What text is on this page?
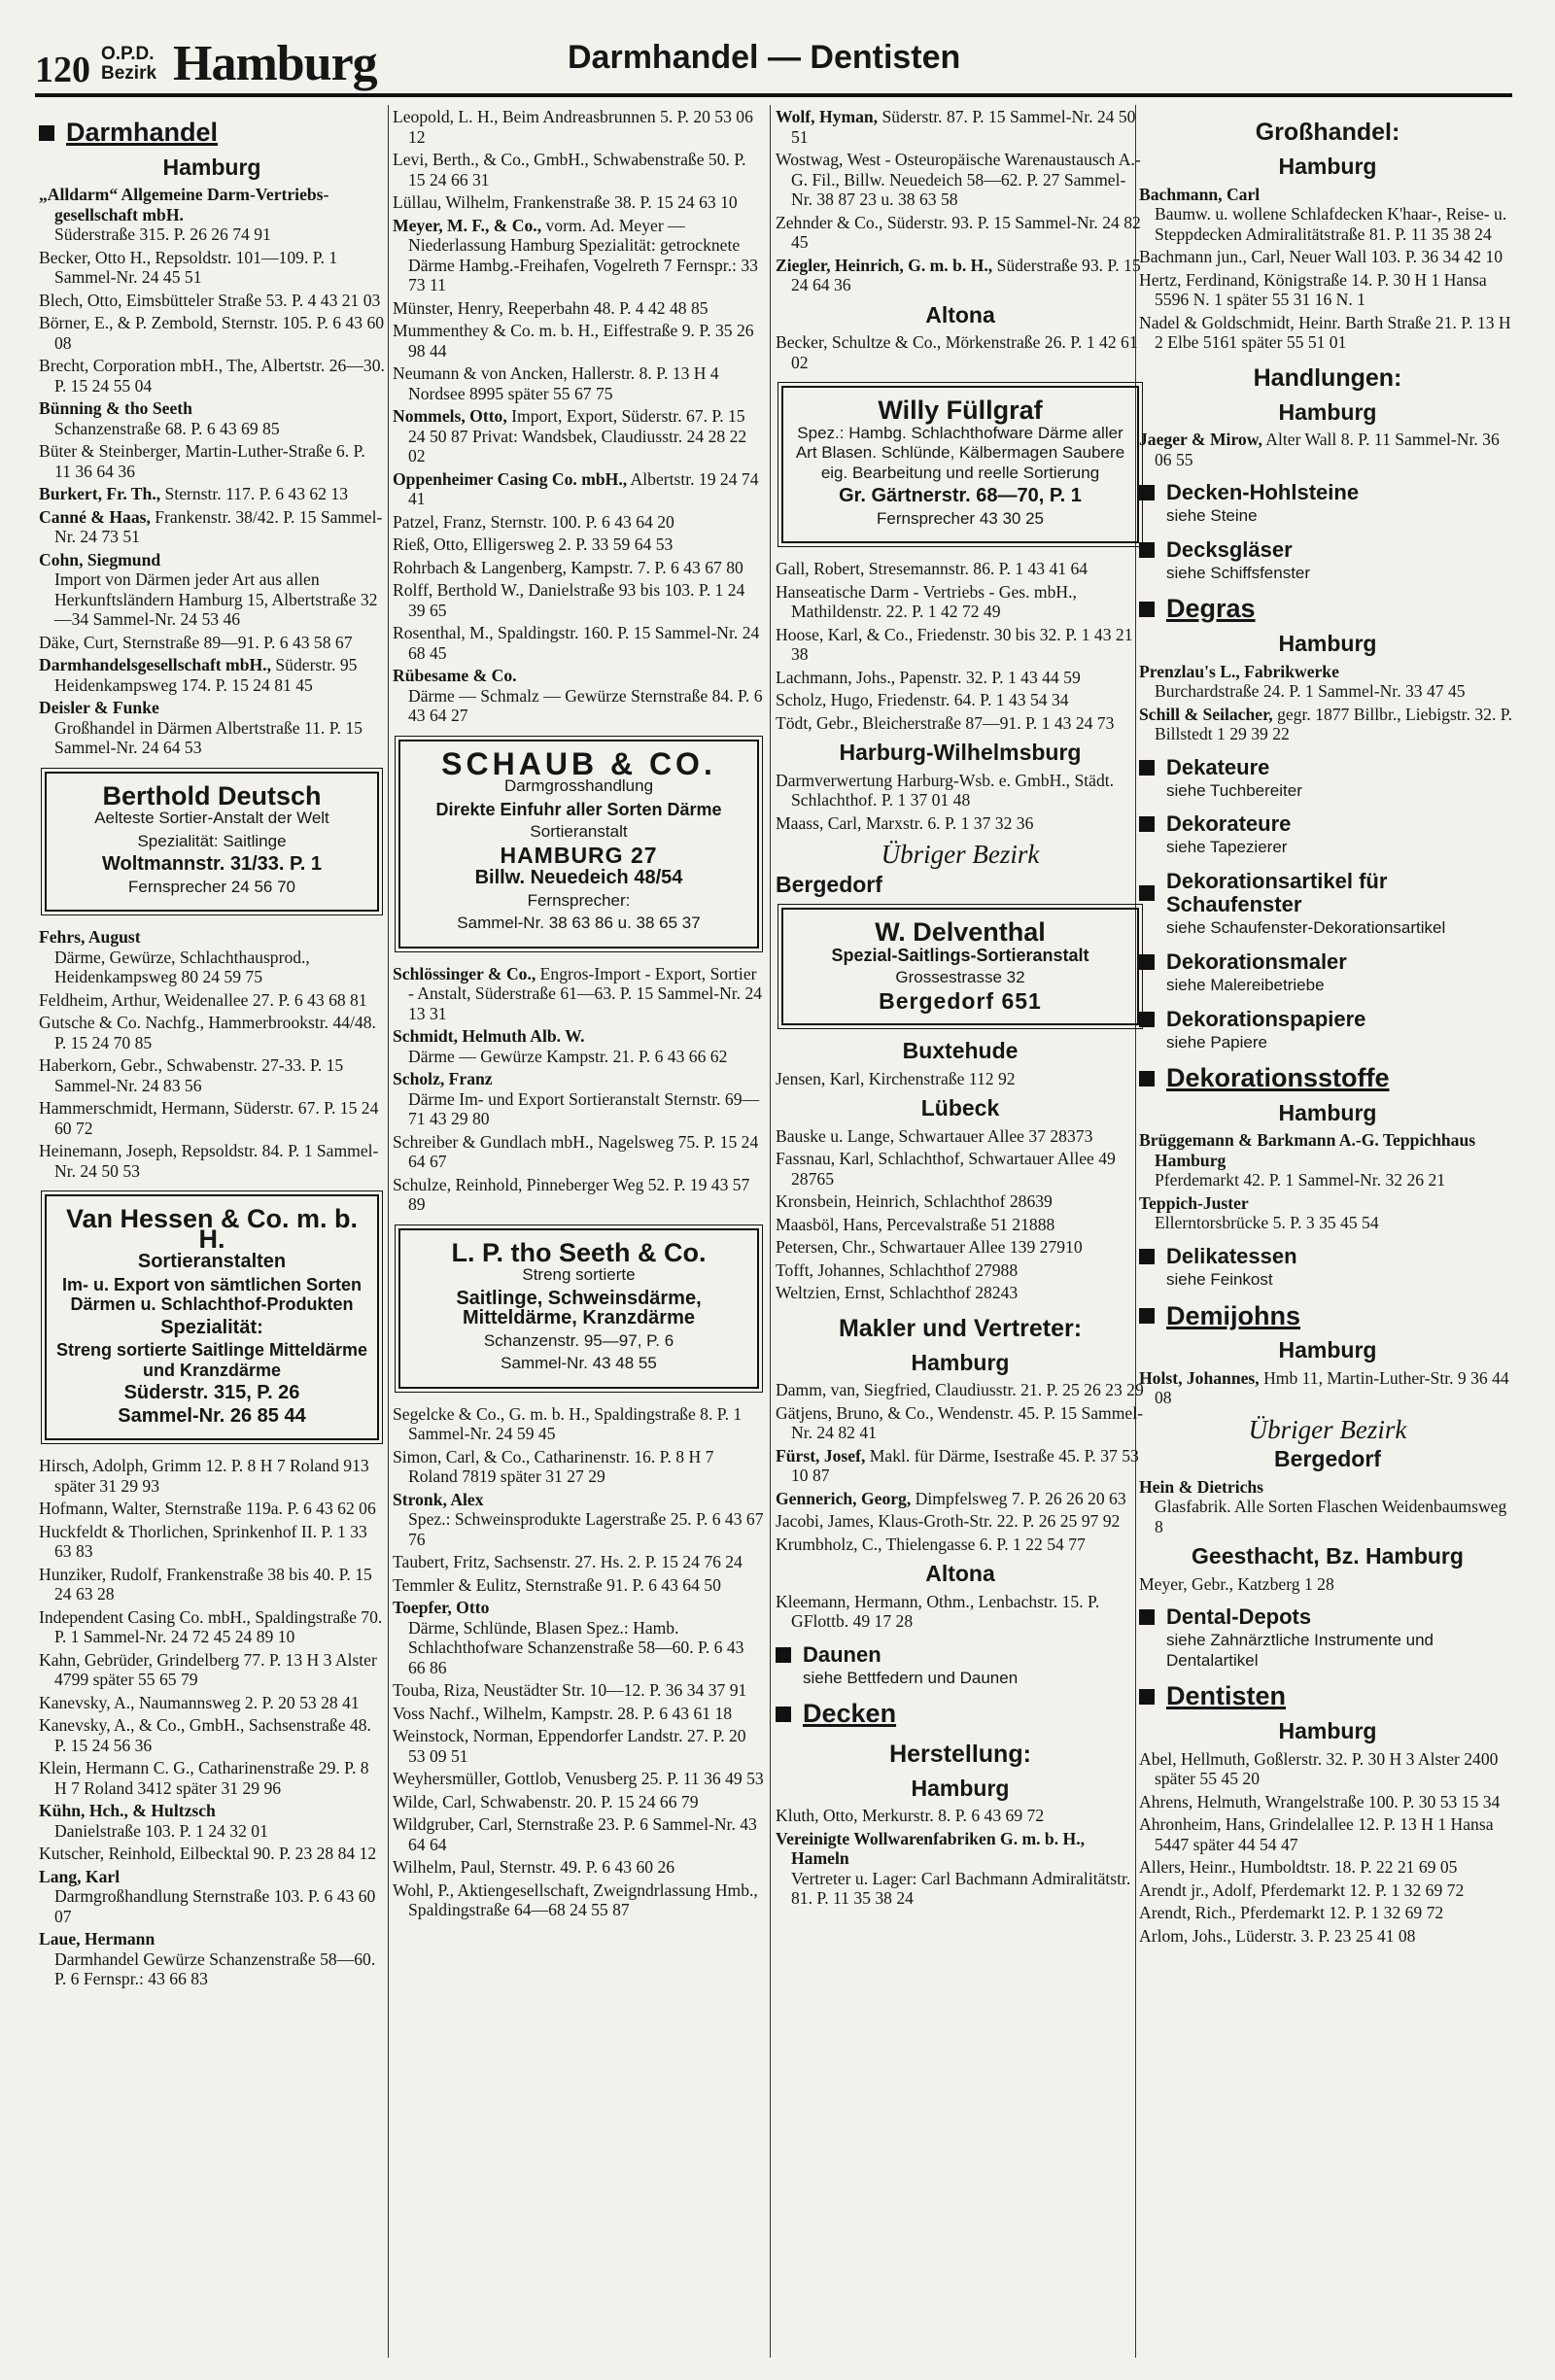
120 O.P.D.
Bezirk Hamburg	Darmhandel — Dentisten
Darmhandel
Hamburg
„Alldarm“ Allgemeine Darm-Vertriebs-gesellschaft mbH.
Süderstraße 315. P. 26 26 74 91
Becker, Otto H., Repsoldstr. 101—109. P. 1 Sammel-Nr. 24 45 51
Blech, Otto, Eimsbütteler Straße 53. P. 4 43 21 03
Börner, E., & P. Zembold, Sternstr. 105. P. 6 43 60 08
Brecht, Corporation mbH., The, Albertstr. 26—30. P. 15 24 55 04
Bünning & tho Seeth
Schanzenstraße 68. P. 6 43 69 85
Büter & Steinberger, Martin-Luther-Straße 6. P. 11 36 64 36
Burkert, Fr. Th., Sternstr. 117. P. 6 43 62 13
Canné & Haas, Frankenstr. 38/42. P. 15 Sammel-Nr. 24 73 51
Cohn, Siegmund
Import von Därmen jeder Art aus allen Herkunftsländern Hamburg 15, Albertstraße 32—34 Sammel-Nr. 24 53 46
Däke, Curt, Sternstraße 89—91. P. 6 43 58 67
Darmhandelsgesellschaft mbH., Süderstr. 95 Heidenkampsweg 174. P. 15 24 81 45
Deisler & Funke
Großhandel in Därmen Albertstraße 11. P. 15 Sammel-Nr. 24 64 53
Berthold Deutsch
Aelteste Sortier-Anstalt der Welt
Spezialität: Saitlinge
Woltmannstr. 31/33. P. 1
Fernsprecher 24 56 70
Fehrs, August
Därme, Gewürze, Schlachthausprod., Heidenkampsweg 80 24 59 75
Feldheim, Arthur, Weidenallee 27. P. 6 43 68 81
Gutsche & Co. Nachfg., Hammerbrookstr. 44/48. P. 15 24 70 85
Haberkorn, Gebr., Schwabenstr. 27-33. P. 15 Sammel-Nr. 24 83 56
Hammerschmidt, Hermann, Süderstr. 67. P. 15 24 60 72
Heinemann, Joseph, Repsoldstr. 84. P. 1 Sammel-Nr. 24 50 53
Van Hessen & Co. m. b. H.
Sortieranstalten
Im- u. Export von sämtlichen Sorten Därmen u. Schlachthof-Produkten
Spezialität:
Streng sortierte Saitlinge Mitteldärme und Kranzdärme
Süderstr. 315, P. 26
Sammel-Nr. 26 85 44
Hirsch, Adolph, Grimm 12. P. 8 H 7 Roland 913 später 31 29 93
Hofmann, Walter, Sternstraße 119a. P. 6 43 62 06
Huckfeldt & Thorlichen, Sprinkenhof II. P. 1 33 63 83
Hunziker, Rudolf, Frankenstraße 38 bis 40. P. 15 24 63 28
Independent Casing Co. mbH., Spaldingstraße 70. P. 1 Sammel-Nr. 24 72 45 24 89 10
Kahn, Gebrüder, Grindelberg 77. P. 13 H 3 Alster 4799 später 55 65 79
Kanevsky, A., Naumannsweg 2. P. 20 53 28 41
Kanevsky, A., & Co., GmbH., Sachsenstraße 48. P. 15 24 56 36
Klein, Hermann C. G., Catharinenstraße 29. P. 8 H 7 Roland 3412 später 31 29 96
Kühn, Hch., & Hultzsch
Danielstraße 103. P. 1 24 32 01
Kutscher, Reinhold, Eilbecktal 90. P. 23 28 84 12
Lang, Karl
Darmgroßhandlung Sternstraße 103. P. 6 43 60 07
Laue, Hermann
Darmhandel Gewürze Schanzenstraße 58—60. P. 6 Fernspr.: 43 66 83
Leopold, L. H., Beim Andreasbrunnen 5. P. 20 53 06 12
Levi, Berth., & Co., GmbH., Schwabenstraße 50. P. 15 24 66 31
Lüllau, Wilhelm, Frankenstraße 38. P. 15 24 63 10
Meyer, M. F., & Co., vorm. Ad. Meyer — Niederlassung Hamburg Spezialität: getrocknete Därme Hambg.-Freihafen, Vogelreth 7 Fernspr.: 33 73 11
Münster, Henry, Reeperbahn 48. P. 4 42 48 85
Mummenthey & Co. m. b. H., Eiffestraße 9. P. 35 26 98 44
Neumann & von Ancken, Hallerstr. 8. P. 13 H 4 Nordsee 8995 später 55 67 75
Nommels, Otto, Import, Export, Süderstr. 67. P. 15 24 50 87 Privat: Wandsbek, Claudiusstr. 24 28 22 02
Oppenheimer Casing Co. mbH., Albertstr. 19 24 74 41
Patzel, Franz, Sternstr. 100. P. 6 43 64 20
Rieß, Otto, Elligersweg 2. P. 33 59 64 53
Rohrbach & Langenberg, Kampstr. 7. P. 6 43 67 80
Rolff, Berthold W., Danielstraße 93 bis 103. P. 1 24 39 65
Rosenthal, M., Spaldingstr. 160. P. 15 Sammel-Nr. 24 68 45
Rübesame & Co.
Därme — Schmalz — Gewürze Sternstraße 84. P. 6 43 64 27
SCHAUB & CO.
Darmgrosshandlung
Direkte Einfuhr aller Sorten Därme
Sortieranstalt
HAMBURG 27
Billw. Neuedeich 48/54
Fernsprecher:
Sammel-Nr. 38 63 86 u. 38 65 37
Schlössinger & Co., Engros-Import - Export, Sortier - Anstalt, Süderstraße 61—63. P. 15 Sammel-Nr. 24 13 31
Schmidt, Helmuth Alb. W.
Därme — Gewürze Kampstr. 21. P. 6 43 66 62
Scholz, Franz
Därme Im- und Export Sortieranstalt Sternstr. 69—71 43 29 80
Schreiber & Gundlach mbH., Nagelsweg 75. P. 15 24 64 67
Schulze, Reinhold, Pinneberger Weg 52. P. 19 43 57 89
L. P. tho Seeth & Co.
Streng sortierte
Saitlinge, Schweinsdärme, Mitteldärme, Kranzdärme
Schanzenstr. 95—97, P. 6
Sammel-Nr. 43 48 55
Segelcke & Co., G. m. b. H., Spaldingstraße 8. P. 1 Sammel-Nr. 24 59 45
Simon, Carl, & Co., Catharinenstr. 16. P. 8 H 7 Roland 7819 später 31 27 29
Stronk, Alex
Spez.: Schweinsprodukte Lagerstraße 25. P. 6 43 67 76
Taubert, Fritz, Sachsenstr. 27. Hs. 2. P. 15 24 76 24
Temmler & Eulitz, Sternstraße 91. P. 6 43 64 50
Toepfer, Otto
Därme, Schlünde, Blasen Spez.: Hamb. Schlachthofware Schanzenstraße 58—60. P. 6 43 66 86
Touba, Riza, Neustädter Str. 10—12. P. 36 34 37 91
Voss Nachf., Wilhelm, Kampstr. 28. P. 6 43 61 18
Weinstock, Norman, Eppendorfer Landstr. 27. P. 20 53 09 51
Weyhersmüller, Gottlob, Venusberg 25. P. 11 36 49 53
Wilde, Carl, Schwabenstr. 20. P. 15 24 66 79
Wildgruber, Carl, Sternstraße 23. P. 6 Sammel-Nr. 43 64 64
Wilhelm, Paul, Sternstr. 49. P. 6 43 60 26
Wohl, P., Aktiengesellschaft, Zweigndrlassung Hmb., Spaldingstraße 64—68 24 55 87
Wolf, Hyman, Süderstr. 87. P. 15 Sammel-Nr. 24 50 51
Wostwag, West - Osteuropäische Warenaustausch A.-G. Fil., Billw. Neuedeich 58—62. P. 27 Sammel-Nr. 38 87 23 u. 38 63 58
Zehnder & Co., Süderstr. 93. P. 15 Sammel-Nr. 24 82 45
Ziegler, Heinrich, G. m. b. H., Süderstraße 93. P. 15 24 64 36
Altona
Becker, Schultze & Co., Mörkenstraße 26. P. 1 42 61 02
Willy Füllgraf
Spez.: Hambg. Schlachthofware Därme aller Art Blasen. Schlünde, Kälbermagen Saubere eig. Bearbeitung und reelle Sortierung
Gr. Gärtnerstr. 68—70, P. 1
Fernsprecher 43 30 25
Gall, Robert, Stresemannstr. 86. P. 1 43 41 64
Hanseatische Darm - Vertriebs - Ges. mbH., Mathildenstr. 22. P. 1 42 72 49
Hoose, Karl, & Co., Friedenstr. 30 bis 32. P. 1 43 21 38
Lachmann, Johs., Papenstr. 32. P. 1 43 44 59
Scholz, Hugo, Friedenstr. 64. P. 1 43 54 34
Tödt, Gebr., Bleicherstraße 87—91. P. 1 43 24 73
Harburg-Wilhelmsburg
Darmverwertung Harburg-Wsb. e. GmbH., Städt. Schlachthof. P. 1 37 01 48
Maass, Carl, Marxstr. 6. P. 1 37 32 36
Übriger Bezirk
Bergedorf
W. Delventhal
Spezial-Saitlings-Sortieranstalt
Grossestrasse 32
Bergedorf 651
Buxtehude
Jensen, Karl, Kirchenstraße 112 92
Lübeck
Bauske u. Lange, Schwartauer Allee 37 28373
Fassnau, Karl, Schlachthof, Schwartauer Allee 49 28765
Kronsbein, Heinrich, Schlachthof 28639
Maasböl, Hans, Percevalstraße 51 21888
Petersen, Chr., Schwartauer Allee 139 27910
Tofft, Johannes, Schlachthof 27988
Weltzien, Ernst, Schlachthof 28243
Makler und Vertreter:
Hamburg
Damm, van, Siegfried, Claudiusstr. 21. P. 25 26 23 29
Gätjens, Bruno, & Co., Wendenstr. 45. P. 15 Sammel-Nr. 24 82 41
Fürst, Josef, Makl. für Därme, Isestraße 45. P. 37 53 10 87
Gennerich, Georg, Dimpfelsweg 7. P. 26 26 20 63
Jacobi, James, Klaus-Groth-Str. 22. P. 26 25 97 92
Krumbholz, C., Thielengasse 6. P. 1 22 54 77
Altona
Kleemann, Hermann, Othm., Lenbachstr. 15. P. GFlottb. 49 17 28
Daunen
siehe Bettfedern und Daunen
Decken
Herstellung:
Hamburg
Kluth, Otto, Merkurstr. 8. P. 6 43 69 72
Vereinigte Wollwarenfabriken G. m. b. H., Hameln
Vertreter u. Lager: Carl Bachmann Admiralitätstr. 81. P. 11 35 38 24
Großhandel:
Hamburg
Bachmann, Carl
Baumw. u. wollene Schlafdecken K'haar-, Reise- u. Steppdecken Admiralitätstraße 81. P. 11 35 38 24
Bachmann jun., Carl, Neuer Wall 103. P. 36 34 42 10
Hertz, Ferdinand, Königstraße 14. P. 30 H 1 Hansa 5596 N. 1 später 55 31 16 N. 1
Nadel & Goldschmidt, Heinr. Barth Straße 21. P. 13 H 2 Elbe 5161 später 55 51 01
Handlungen:
Hamburg
Jaeger & Mirow, Alter Wall 8. P. 11 Sammel-Nr. 36 06 55
Decken-Hohlsteine
siehe Steine
Decksgläser
siehe Schiffsfenster
Degras
Hamburg
Prenzlau's L., Fabrikwerke
Burchardstraße 24. P. 1 Sammel-Nr. 33 47 45
Schill & Seilacher, gegr. 1877 Billbr., Liebigstr. 32. P. Billstedt 1 29 39 22
Dekateure
siehe Tuchbereiter
Dekorateure
siehe Tapezierer
Dekorationsartikel für Schaufenster
siehe Schaufenster-Dekorationsartikel
Dekorationsmaler
siehe Malereibetriebe
Dekorationspapiere
siehe Papiere
Dekorationsstoffe
Hamburg
Brüggemann & Barkmann A.-G. Teppichhaus Hamburg
Pferdemarkt 42. P. 1 Sammel-Nr. 32 26 21
Teppich-Juster
Ellerntorsbrücke 5. P. 3 35 45 54
Delikatessen
siehe Feinkost
Demijohns
Hamburg
Holst, Johannes, Hmb 11, Martin-Luther-Str. 9 36 44 08
Übriger Bezirk
Bergedorf
Hein & Dietrichs
Glasfabrik. Alle Sorten Flaschen Weidenbaumsweg 8
Geesthacht, Bz. Hamburg
Meyer, Gebr., Katzberg 1 28
Dental-Depots
siehe Zahnärztliche Instrumente und Dentalartikel
Dentisten
Hamburg
Abel, Hellmuth, Goßlerstr. 32. P. 30 H 3 Alster 2400 später 55 45 20
Ahrens, Helmuth, Wrangelstraße 100. P. 30 53 15 34
Ahronheim, Hans, Grindelallee 12. P. 13 H 1 Hansa 5447 später 44 54 47
Allers, Heinr., Humboldtstr. 18. P. 22 21 69 05
Arendt jr., Adolf, Pferdemarkt 12. P. 1 32 69 72
Arendt, Rich., Pferdemarkt 12. P. 1 32 69 72
Arlom, Johs., Lüderstr. 3. P. 23 25 41 08
